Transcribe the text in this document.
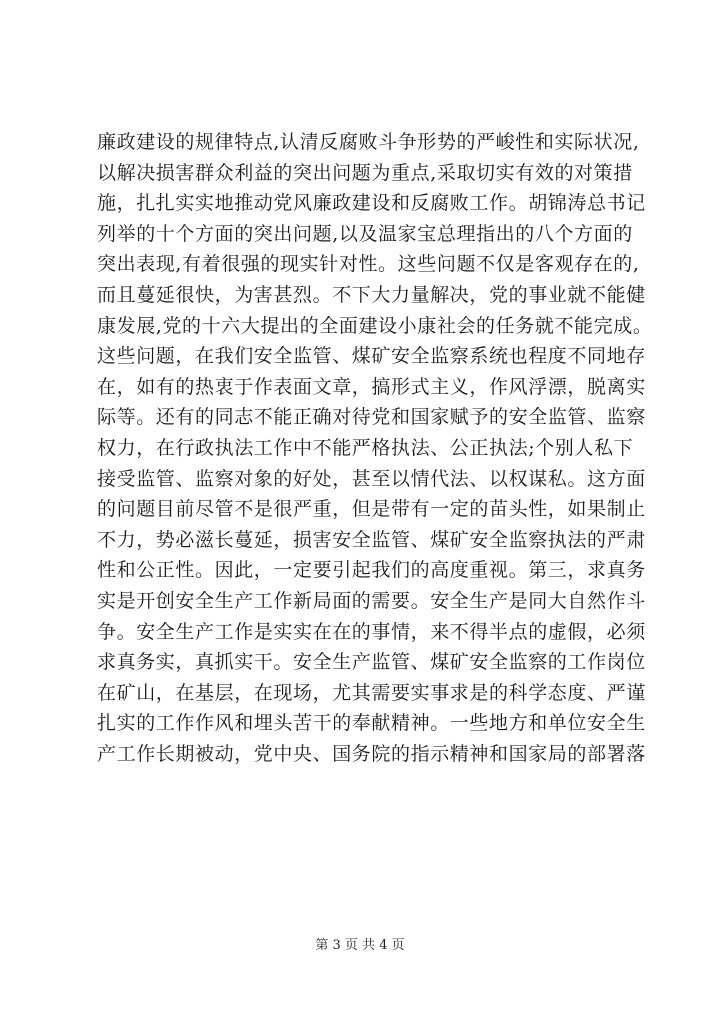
廉政建设的规律特点,认清反腐败斗争形势的严峻性和实际状况,
以解决损害群众利益的突出问题为重点,采取切实有效的对策措
施，扎扎实实地推动党风廉政建设和反腐败工作。胡锦涛总书记
列举的十个方面的突出问题,以及温家宝总理指出的八个方面的
突出表现,有着很强的现实针对性。这些问题不仅是客观存在的,
而且蔓延很快，为害甚烈。不下大力量解决，党的事业就不能健
康发展,党的十六大提出的全面建设小康社会的任务就不能完成。
这些问题，在我们安全监管、煤矿安全监察系统也程度不同地存
在，如有的热衷于作表面文章，搞形式主义，作风浮漂，脱离实
际等。还有的同志不能正确对待党和国家赋予的安全监管、监察
权力，在行政执法工作中不能严格执法、公正执法;个别人私下
接受监管、监察对象的好处，甚至以情代法、以权谋私。这方面
的问题目前尽管不是很严重，但是带有一定的苗头性，如果制止
不力，势必滋长蔓延，损害安全监管、煤矿安全监察执法的严肃
性和公正性。因此，一定要引起我们的高度重视。第三，求真务
实是开创安全生产工作新局面的需要。安全生产是同大自然作斗
争。安全生产工作是实实在在的事情，来不得半点的虚假，必须
求真务实，真抓实干。安全生产监管、煤矿安全监察的工作岗位
在矿山，在基层，在现场，尤其需要实事求是的科学态度、严谨
扎实的工作作风和埋头苦干的奉献精神。一些地方和单位安全生
产工作长期被动，党中央、国务院的指示精神和国家局的部署落
第 3 页 共 4 页
